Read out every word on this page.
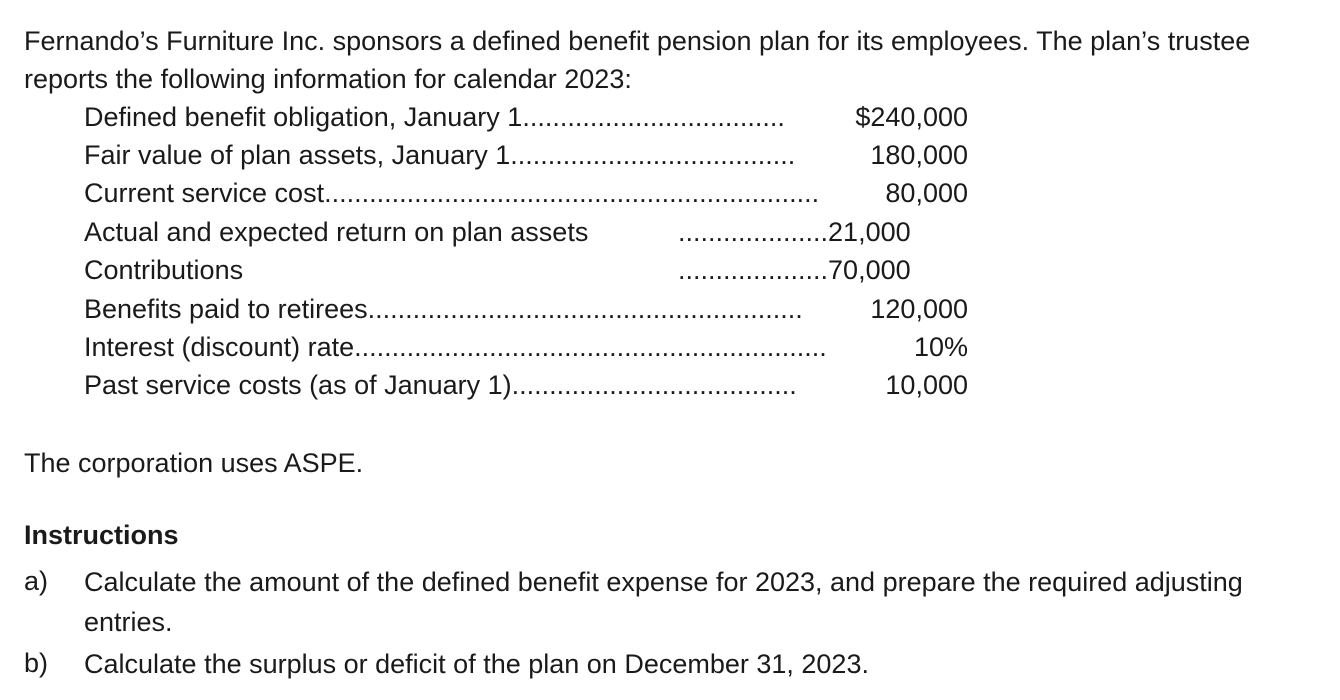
Fernando’s Furniture Inc. sponsors a defined benefit pension plan for its employees. The plan’s trustee reports the following information for calendar 2023:

Defined benefit obligation, January 1...................................	$240,000
Fair value of plan assets, January 1......................................	180,000
Current service cost.................................................................. 80,000
Actual and expected return on plan assets	....................21,000
Contributions	....................70,000
Benefits paid to retirees..........................................................	120,000
Interest (discount) rate...............................................................	10%
Past service costs (as of January 1)......................................	10,000

The corporation uses ASPE.

Instructions
a) Calculate the amount of the defined benefit expense for 2023, and prepare the required adjusting entries.

b) Calculate the surplus or deficit of the plan on December 31, 2023.
